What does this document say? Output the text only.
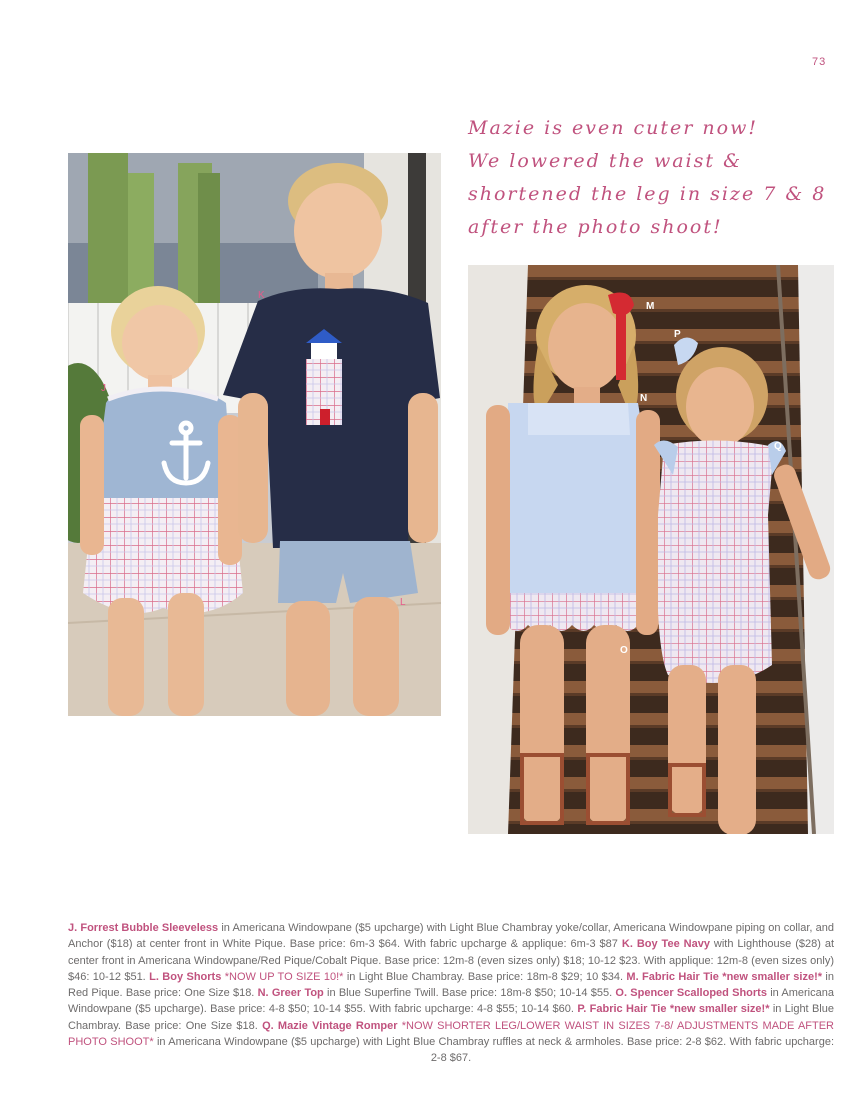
73
Mazie is even cuter now!
We lowered the waist &
shortened the leg in size 7 & 8
after the photo shoot!
J
K
L
M
P
N
Q
O
J. Forrest Bubble Sleeveless in Americana Windowpane ($5 upcharge) with Light Blue Chambray yoke/collar, Americana Windowpane piping on collar, and Anchor ($18) at center front in White Pique. Base price: 6m-3 $64. With fabric upcharge & applique: 6m-3 $87 K. Boy Tee Navy with Lighthouse ($28) at center front in Americana Windowpane/Red Pique/Cobalt Pique. Base price: 12m-8 (even sizes only) $18; 10-12 $23. With applique: 12m-8 (even sizes only) $46: 10-12 $51. L. Boy Shorts *NOW UP TO SIZE 10!* in Light Blue Chambray. Base price: 18m-8 $29; 10 $34. M. Fabric Hair Tie *new smaller size!* in Red Pique. Base price: One Size $18. N. Greer Top in Blue Superfine Twill. Base price: 18m-8 $50; 10-14 $55. O. Spencer Scalloped Shorts in Americana Windowpane ($5 upcharge). Base price: 4-8 $50; 10-14 $55. With fabric upcharge: 4-8 $55; 10-14 $60. P. Fabric Hair Tie *new smaller size!* in Light Blue Chambray. Base price: One Size $18. Q. Mazie Vintage Romper *NOW SHORTER LEG/LOWER WAIST IN SIZES 7-8/ ADJUSTMENTS MADE AFTER PHOTO SHOOT* in Americana Windowpane ($5 upcharge) with Light Blue Chambray ruffles at neck & armholes. Base price: 2-8 $62. With fabric upcharge: 2-8 $67.
